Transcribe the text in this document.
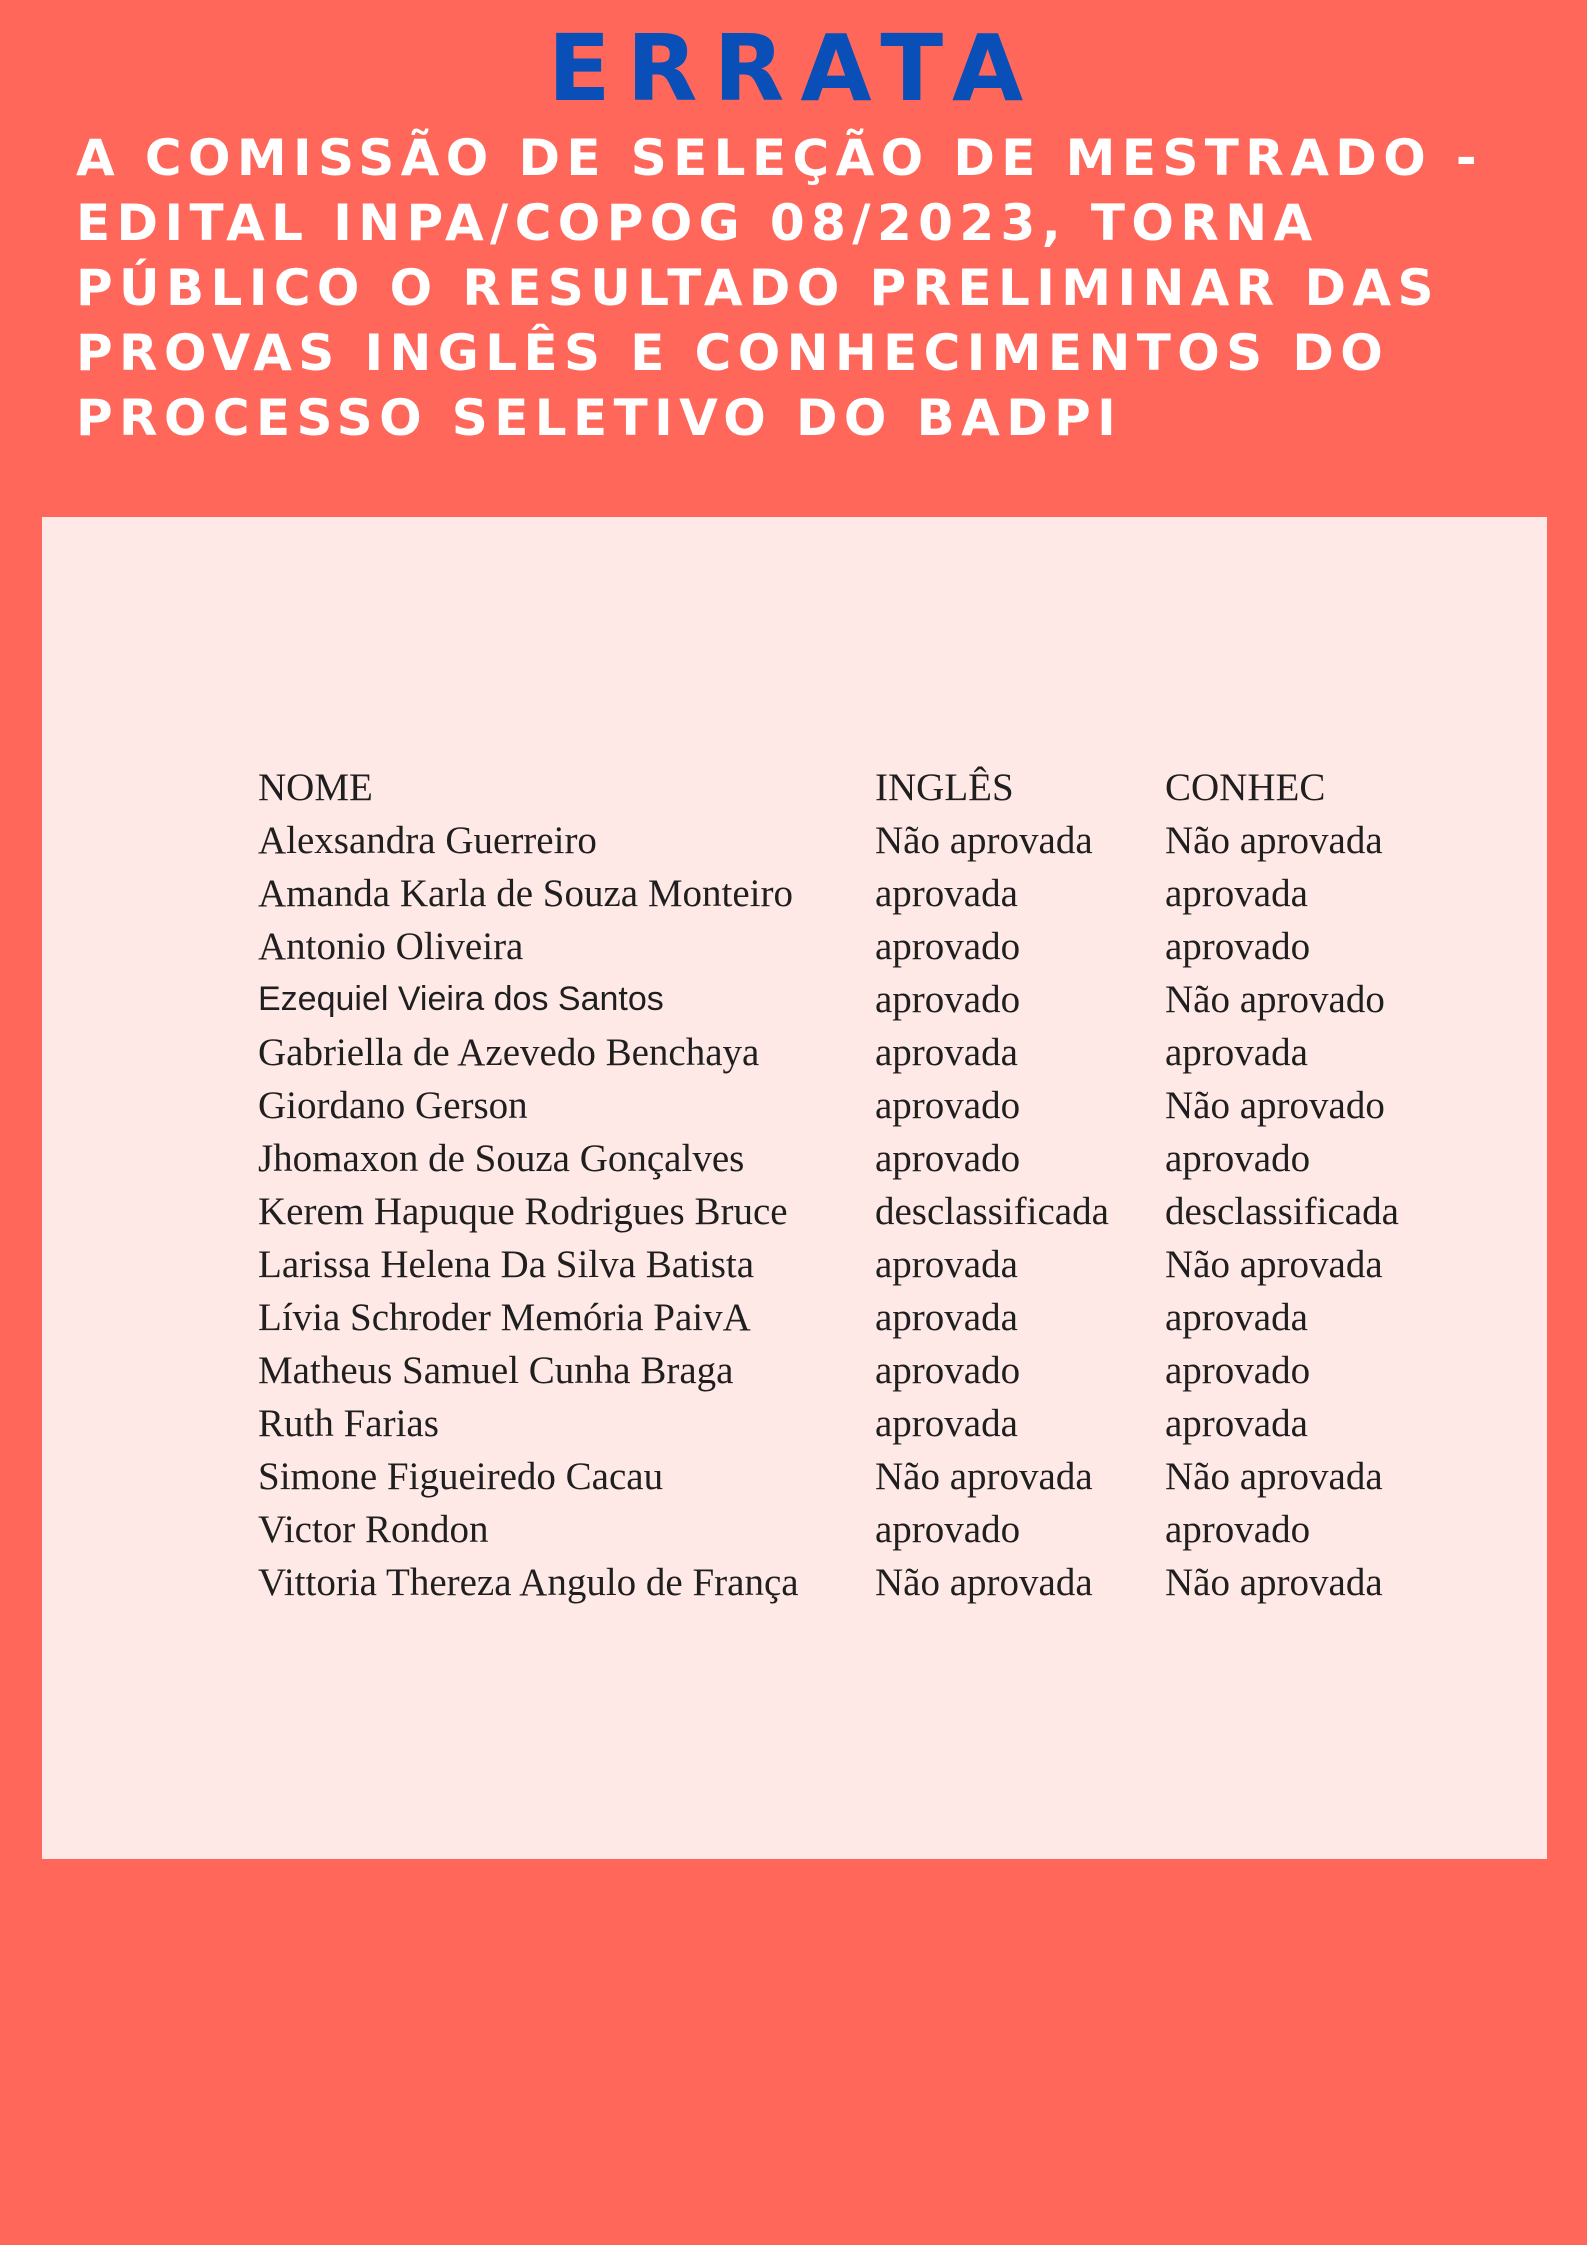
ERRATA

A COMISSÃO DE SELEÇÃO DE MESTRADO -
EDITAL INPA/COPOG 08/2023, TORNA
PÚBLICO O RESULTADO PRELIMINAR DAS
PROVAS INGLÊS E CONHECIMENTOS DO
PROCESSO SELETIVO DO BADPI

NOME	INGLÊS	CONHEC
Alexsandra Guerreiro	Não aprovada	Não aprovada
Amanda Karla de Souza Monteiro	aprovada	aprovada
Antonio Oliveira	aprovado	aprovado
Ezequiel Vieira dos Santos	aprovado	Não aprovado
Gabriella de Azevedo Benchaya	aprovada	aprovada
Giordano Gerson	aprovado	Não aprovado
Jhomaxon de Souza Gonçalves	aprovado	aprovado
Kerem Hapuque Rodrigues Bruce	desclassificada	desclassificada
Larissa Helena Da Silva Batista	aprovada	Não aprovada
Lívia Schroder Memória PaivA	aprovada	aprovada
Matheus Samuel Cunha Braga	aprovado	aprovado
Ruth Farias	aprovada	aprovada
Simone Figueiredo Cacau	Não aprovada	Não aprovada
Victor Rondon	aprovado	aprovado
Vittoria Thereza Angulo de França	Não aprovada	Não aprovada
